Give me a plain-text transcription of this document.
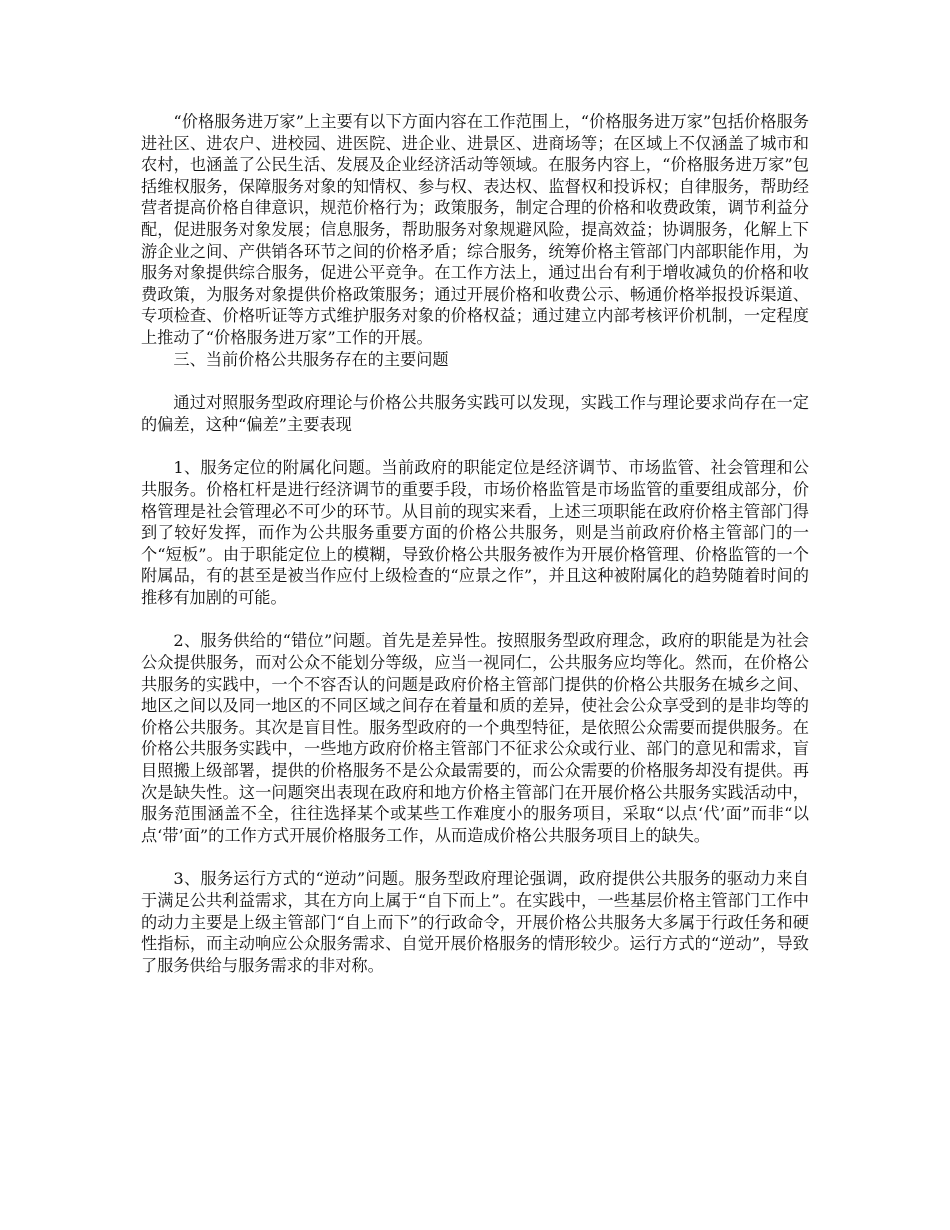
“价格服务进万家”上主要有以下方面内容在工作范围上，“价格服务进万家”包括价格服务进社区、进农户、进校园、进医院、进企业、进景区、进商场等；在区域上不仅涵盖了城市和农村，也涵盖了公民生活、发展及企业经济活动等领域。在服务内容上，“价格服务进万家”包括维权服务，保障服务对象的知情权、参与权、表达权、监督权和投诉权；自律服务，帮助经营者提高价格自律意识，规范价格行为；政策服务，制定合理的价格和收费政策，调节利益分配，促进服务对象发展；信息服务，帮助服务对象规避风险，提高效益；协调服务，化解上下游企业之间、产供销各环节之间的价格矛盾；综合服务，统筹价格主管部门内部职能作用，为服务对象提供综合服务，促进公平竞争。在工作方法上，通过出台有利于增收减负的价格和收费政策，为服务对象提供价格政策服务；通过开展价格和收费公示、畅通价格举报投诉渠道、专项检查、价格听证等方式维护服务对象的价格权益；通过建立内部考核评价机制，一定程度上推动了“价格服务进万家”工作的开展。

三、当前价格公共服务存在的主要问题

通过对照服务型政府理论与价格公共服务实践可以发现，实践工作与理论要求尚存在一定的偏差，这种“偏差”主要表现

1、服务定位的附属化问题。当前政府的职能定位是经济调节、市场监管、社会管理和公共服务。价格杠杆是进行经济调节的重要手段，市场价格监管是市场监管的重要组成部分，价格管理是社会管理必不可少的环节。从目前的现实来看，上述三项职能在政府价格主管部门得到了较好发挥，而作为公共服务重要方面的价格公共服务，则是当前政府价格主管部门的一个“短板”。由于职能定位上的模糊，导致价格公共服务被作为开展价格管理、价格监管的一个附属品，有的甚至是被当作应付上级检查的“应景之作”，并且这种被附属化的趋势随着时间的推移有加剧的可能。

2、服务供给的“错位”问题。首先是差异性。按照服务型政府理念，政府的职能是为社会公众提供服务，而对公众不能划分等级，应当一视同仁，公共服务应均等化。然而，在价格公共服务的实践中，一个不容否认的问题是政府价格主管部门提供的价格公共服务在城乡之间、地区之间以及同一地区的不同区域之间存在着量和质的差异，使社会公众享受到的是非均等的价格公共服务。其次是盲目性。服务型政府的一个典型特征，是依照公众需要而提供服务。在价格公共服务实践中，一些地方政府价格主管部门不征求公众或行业、部门的意见和需求，盲目照搬上级部署，提供的价格服务不是公众最需要的，而公众需要的价格服务却没有提供。再次是缺失性。这一问题突出表现在政府和地方价格主管部门在开展价格公共服务实践活动中，服务范围涵盖不全，往往选择某个或某些工作难度小的服务项目，采取“以点‘代’面”而非“以点‘带’面”的工作方式开展价格服务工作，从而造成价格公共服务项目上的缺失。

3、服务运行方式的“逆动”问题。服务型政府理论强调，政府提供公共服务的驱动力来自于满足公共利益需求，其在方向上属于“自下而上”。在实践中，一些基层价格主管部门工作中的动力主要是上级主管部门“自上而下”的行政命令，开展价格公共服务大多属于行政任务和硬性指标，而主动响应公众服务需求、自觉开展价格服务的情形较少。运行方式的“逆动”，导致了服务供给与服务需求的非对称。
